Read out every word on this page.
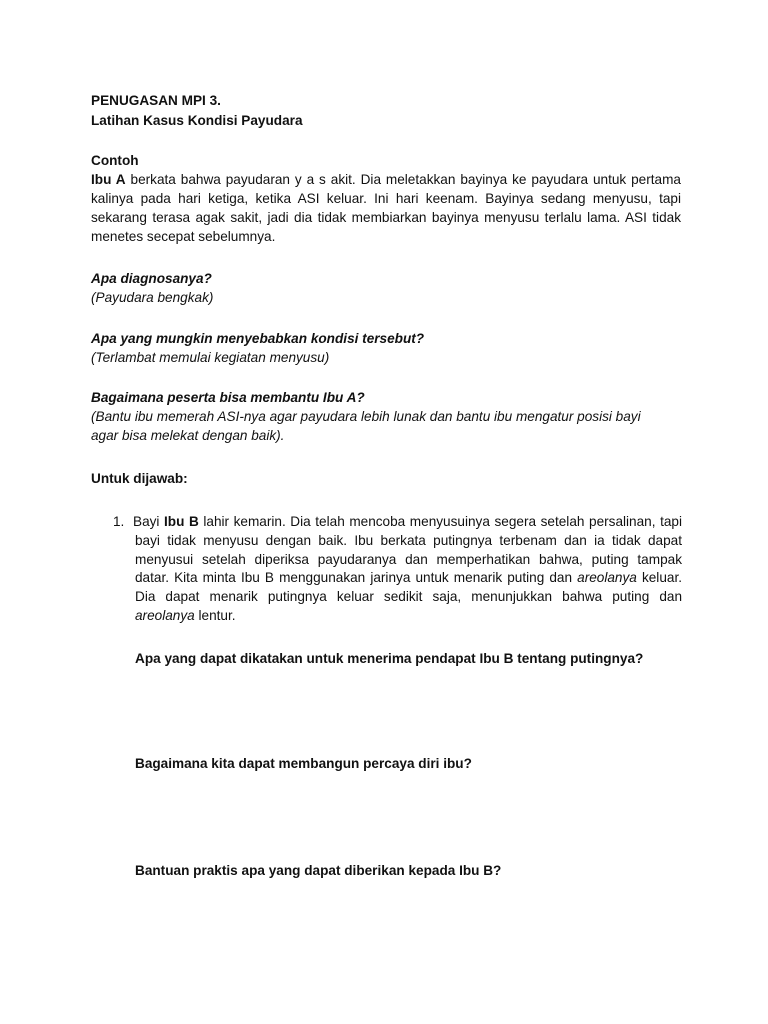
PENUGASAN MPI 3.
Latihan Kasus Kondisi Payudara
Contoh
Ibu A berkata bahwa payudaran y a s akit. Dia meletakkan bayinya ke payudara untuk pertama
kalinya pada hari ketiga, ketika ASI keluar. Ini hari keenam. Bayinya sedang menyusu, tapi
sekarang terasa agak sakit, jadi dia tidak membiarkan bayinya menyusu terlalu lama. ASI tidak
menetes secepat sebelumnya.
Apa diagnosanya?
(Payudara bengkak)
Apa yang mungkin menyebabkan kondisi tersebut?
(Terlambat memulai kegiatan menyusu)
Bagaimana peserta bisa membantu Ibu A?
(Bantu ibu memerah ASI-nya agar payudara lebih lunak dan bantu ibu mengatur posisi bayi
agar bisa melekat dengan baik).
Untuk dijawab:
1. Bayi Ibu B lahir kemarin. Dia telah mencoba menyusuinya segera setelah persalinan, tapi
bayi tidak menyusu dengan baik. Ibu berkata putingnya terbenam dan ia tidak dapat
menyusui setelah diperiksa payudaranya dan memperhatikan bahwa, puting tampak
datar. Kita minta Ibu B menggunakan jarinya untuk menarik puting dan areolanya keluar.
Dia dapat menarik putingnya keluar sedikit saja, menunjukkan bahwa puting dan
areolanya lentur.
Apa yang dapat dikatakan untuk menerima pendapat Ibu B tentang putingnya?
Bagaimana kita dapat membangun percaya diri ibu?
Bantuan praktis apa yang dapat diberikan kepada Ibu B?
